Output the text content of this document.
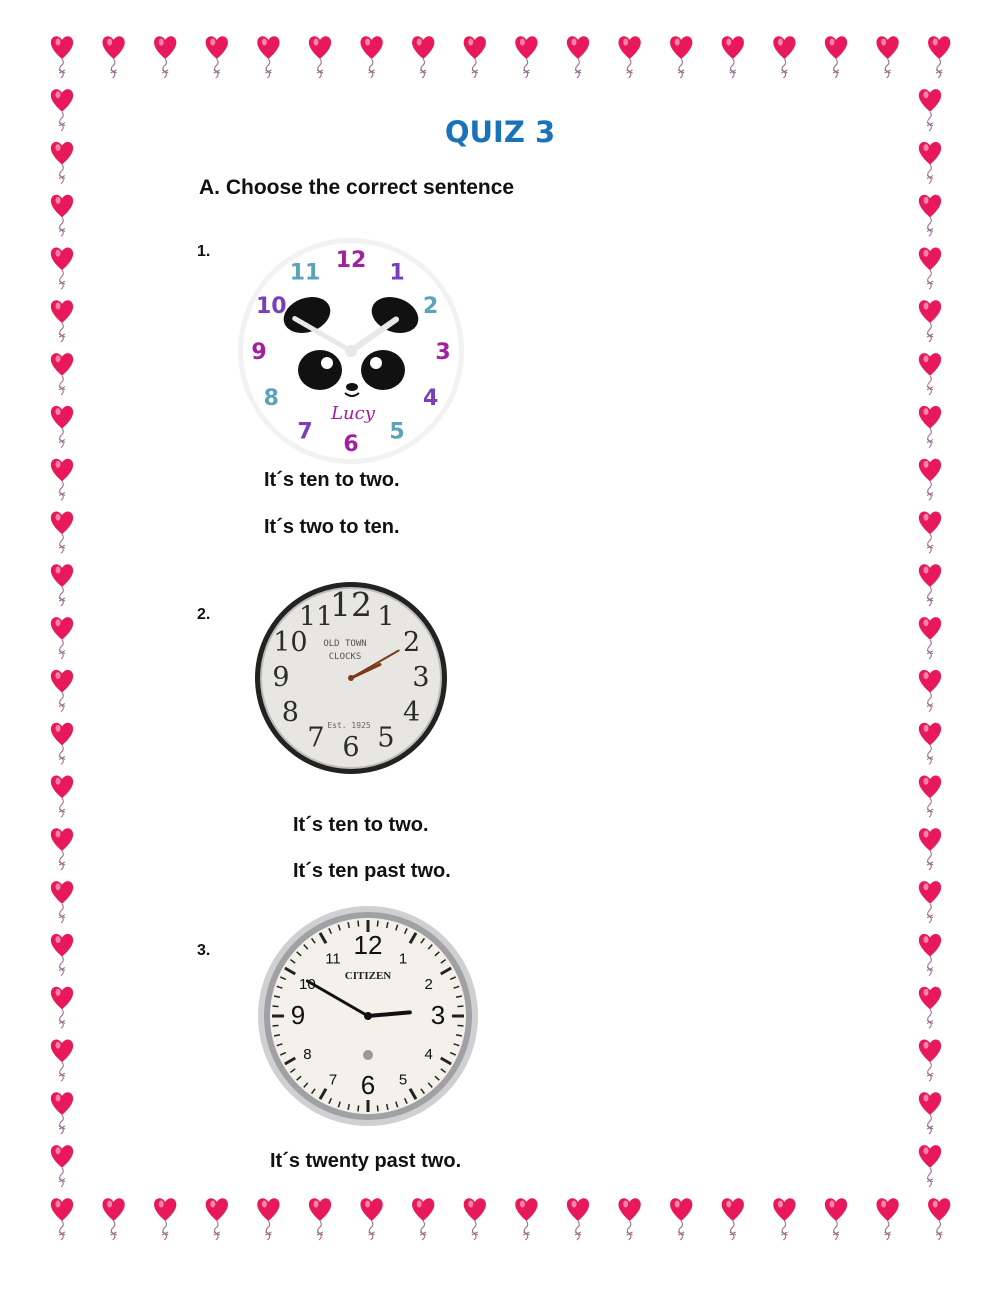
QUIZ 3
A. Choose the correct sentence
1.	12 1
2
3
4
5
6
7
8
9
10
11
Lucy
It´s ten to two.
It´s two to ten.
2.	12 1
2
3
4
5
6
7
8
9
10
11
OLD TOWN
CLOCKS
Est. 1925
It´s ten to two.
It´s ten past two.
3.	12 1
2
3
4
5
6
7
8
9
10
11
CITIZEN
It´s twenty past two.
